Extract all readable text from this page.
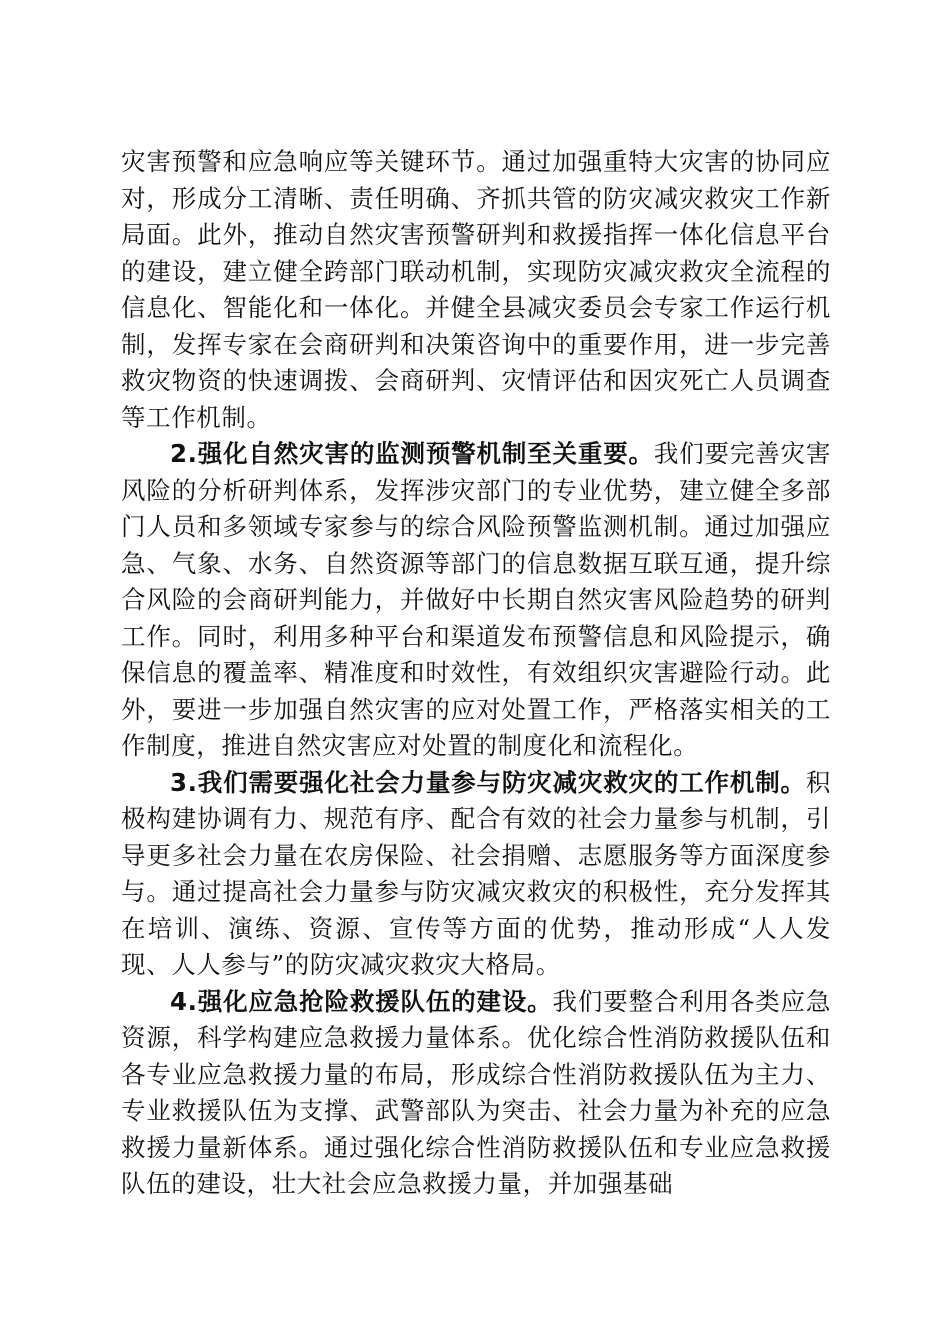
灾害预警和应急响应等关键环节。通过加强重特大灾害的协同应对，形成分工清晰、责任明确、齐抓共管的防灾减灾救灾工作新局面。此外，推动自然灾害预警研判和救援指挥一体化信息平台的建设，建立健全跨部门联动机制，实现防灾减灾救灾全流程的信息化、智能化和一体化。并健全县减灾委员会专家工作运行机制，发挥专家在会商研判和决策咨询中的重要作用，进一步完善救灾物资的快速调拨、会商研判、灾情评估和因灾死亡人员调查等工作机制。

2.强化自然灾害的监测预警机制至关重要。我们要完善灾害风险的分析研判体系，发挥涉灾部门的专业优势，建立健全多部门人员和多领域专家参与的综合风险预警监测机制。通过加强应急、气象、水务、自然资源等部门的信息数据互联互通，提升综合风险的会商研判能力，并做好中长期自然灾害风险趋势的研判工作。同时，利用多种平台和渠道发布预警信息和风险提示，确保信息的覆盖率、精准度和时效性，有效组织灾害避险行动。此外，要进一步加强自然灾害的应对处置工作，严格落实相关的工作制度，推进自然灾害应对处置的制度化和流程化。

3.我们需要强化社会力量参与防灾减灾救灾的工作机制。积极构建协调有力、规范有序、配合有效的社会力量参与机制，引导更多社会力量在农房保险、社会捐赠、志愿服务等方面深度参与。通过提高社会力量参与防灾减灾救灾的积极性，充分发挥其在培训、演练、资源、宣传等方面的优势，推动形成“人人发现、人人参与”的防灾减灾救灾大格局。

4.强化应急抢险救援队伍的建设。我们要整合利用各类应急资源，科学构建应急救援力量体系。优化综合性消防救援队伍和各专业应急救援力量的布局，形成综合性消防救援队伍为主力、专业救援队伍为支撑、武警部队为突击、社会力量为补充的应急救援力量新体系。通过强化综合性消防救援队伍和专业应急救援队伍的建设，壮大社会应急救援力量，并加强基础
